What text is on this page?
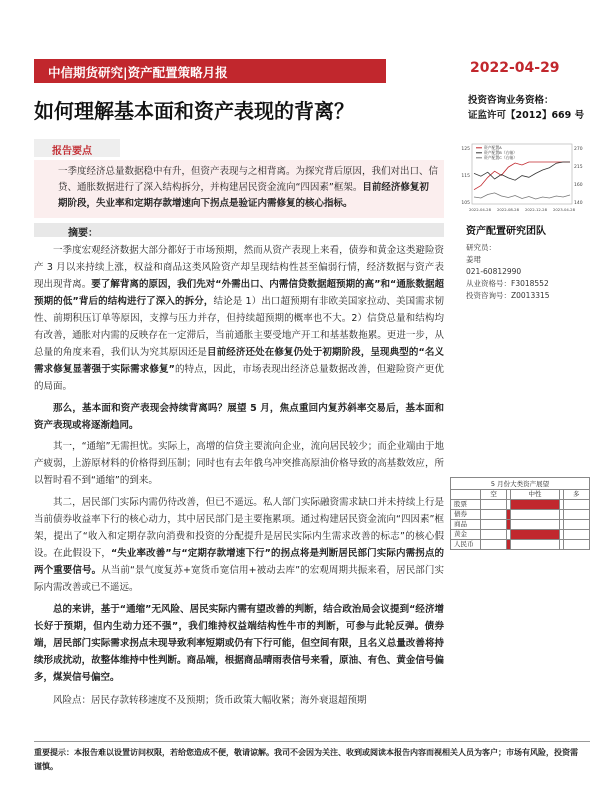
中信期货研究|资产配置策略月报	2022-04-29
如何理解基本面和资产表现的背离？	投资咨询业务资格：
证监许可【2012】669 号
报告要点
一季度经济总量数据稳中有升，但资产表现与之相背离。为探究背后原因，我们对出口、信贷、通胀数据进行了深入结构拆分，并构建居民资金流向“四因素”框架。目前经济修复初期阶段，失业率和定期存款增速向下拐点是验证内需修复的核心指标。
摘要：

一季度宏观经济数据大部分都好于市场预期，然而从资产表现上来看，债券和黄金这类避险资产 3 月以来持续上涨，权益和商品这类风险资产却呈现结构性甚至偏弱行情，经济数据与资产表现出现背离。要了解背离的原因，我们先对“外需出口、内需信贷数据超预期的高”和“通胀数据超预期的低”背后的结构进行了深入的拆分，结论是 1）出口超预期有非欧美国家拉动、美国需求韧性、前期积压订单等原因，支撑与压力并存，但持续超预期的概率也不大。2）信贷总量和结构均有改善，通胀对内需的反映存在一定滞后，当前通胀主要受地产开工和基基数拖累。更进一步，从总量的角度来看，我们认为究其原因还是目前经济还处在修复仍处于初期阶段，呈现典型的“名义需求修复显著强于实际需求修复”的特点，因此，市场表现出经济总量数据改善，但避险资产更优的局面。

那么，基本面和资产表现会持续背离吗？展望 5 月，焦点重回内复苏斜率交易后，基本面和资产表现或将逐渐趋同。

其一，“通缩”无需担忧。实际上，高增的信贷主要流向企业，流向居民较少；而企业端由于地产疲弱，上游原材料的价格得到压制；同时也有去年俄乌冲突推高原油价格导致的高基数效应，所以暂时看不到“通缩”的到来。

其二，居民部门实际内需仍待改善，但已不遥远。私人部门实际融资需求缺口并未持续上行是当前债券收益率下行的核心动力，其中居民部门是主要拖累项。通过构建居民资金流向“四因素”框架，提出了“收入和定期存款向消费和投资的分配提升是居民实际内生需求改善的标志”的核心假设。在此假设下，“失业率改善”与“定期存款增速下行”的拐点将是判断居民部门实际内需拐点的两个重要信号。从当前“景气度复苏+宽货币宽信用+被动去库”的宏观周期共振来看，居民部门实际内需改善或已不遥远。

总的来讲，基于“通缩”无风险、居民实际内需有望改善的判断，结合政治局会议提到“经济增长好于预期，但内生动力还不强”，我们维持权益端结构性牛市的判断，可参与此轮反弹。债券端，居民部门实际需求拐点未现导致利率短期或仍有下行可能，但空间有限，且名义总量改善将持续形成扰动，故整体维持中性判断。商品端，根据商品晴雨表信号来看，原油、有色、黄金信号偏多，煤炭信号偏空。

风险点：居民存款转移速度不及预期；货币政策大幅收紧；海外衰退超预期

125
115
105
270
215
160
140
2022-04-28 2022-08-28 2022-12-28 2023-04-28
资产配置A
资产配置B（右轴）
资产配置C（右轴）
资产配置研究团队
研究员：
姜珺
021-60812990
从业资格号：F3018552
投资咨询号：Z0013315
5 月份大类资产展望
	空		中性		多
股票					
债券					
商品					
黄金					
人民币					
重要提示：本报告难以设置访问权限，若给您造成不便，敬请谅解。我司不会因为关注、收到或阅读本报告内容而视相关人员为客户；市场有风险，投资需谨慎。
